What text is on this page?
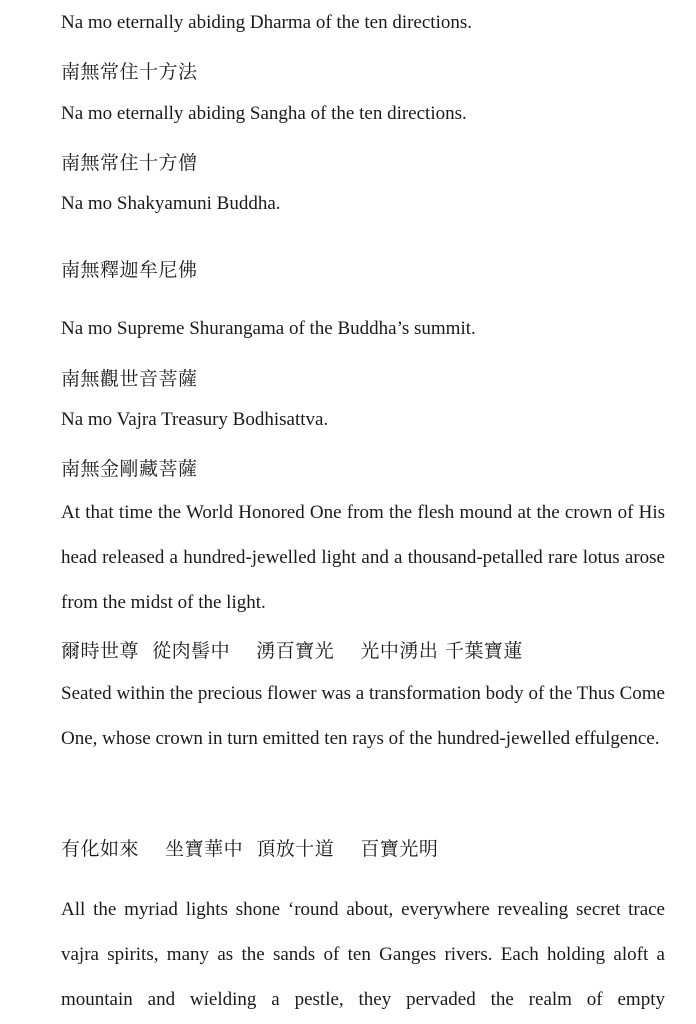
Na mo eternally abiding Dharma of the ten directions.

南無常住十方法

Na mo eternally abiding Sangha of the ten directions.

南無常住十方僧

Na mo Shakyamuni Buddha.

南無釋迦牟尼佛

Na mo Supreme Shurangama of the Buddha’s summit.

南無觀世音菩薩

Na mo Vajra Treasury Bodhisattva.

南無金剛藏菩薩

At that time the World Honored One from the flesh mound at the crown of His head released a hundred-jewelled light and a thousand-petalled rare lotus arose from the midst of the light.

爾時世尊  從肉髻中    湧百寶光    光中湧出 千葉寶蓮

Seated within the precious flower was a transformation body of the Thus Come One, whose crown in turn emitted ten rays of the hundred-jewelled effulgence.

有化如來    坐寶華中  頂放十道    百寶光明

All the myriad lights shone ‘round about, everywhere revealing secret trace vajra spirits, many as the sands of ten Ganges rivers. Each holding aloft a mountain and wielding a pestle, they pervaded the realm of empty
